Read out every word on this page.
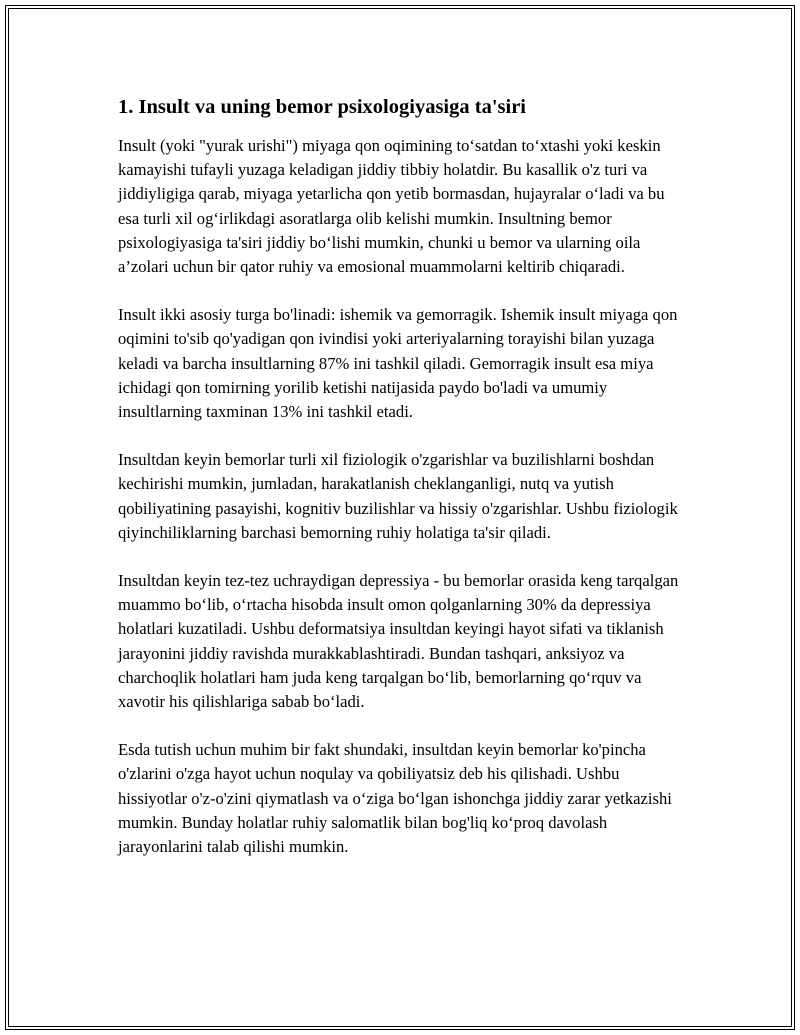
1. Insult va uning bemor psixologiyasiga ta'siri

Insult (yoki "yurak urishi") miyaga qon oqimining to‘satdan to‘xtashi yoki keskin kamayishi tufayli yuzaga keladigan jiddiy tibbiy holatdir. Bu kasallik o'z turi va jiddiyligiga qarab, miyaga yetarlicha qon yetib bormasdan, hujayralar o‘ladi va bu esa turli xil og‘irlikdagi asoratlarga olib kelishi mumkin. Insultning bemor psixologiyasiga ta'siri jiddiy bo‘lishi mumkin, chunki u bemor va ularning oila a’zolari uchun bir qator ruhiy va emosional muammolarni keltirib chiqaradi.

Insult ikki asosiy turga bo'linadi: ishemik va gemorragik. Ishemik insult miyaga qon oqimini to'sib qo'yadigan qon ivindisi yoki arteriyalarning torayishi bilan yuzaga keladi va barcha insultlarning 87% ini tashkil qiladi. Gemorragik insult esa miya ichidagi qon tomirning yorilib ketishi natijasida paydo bo'ladi va umumiy insultlarning taxminan 13% ini tashkil etadi.

Insultdan keyin bemorlar turli xil fiziologik o'zgarishlar va buzilishlarni boshdan kechirishi mumkin, jumladan, harakatlanish cheklanganligi, nutq va yutish qobiliyatining pasayishi, kognitiv buzilishlar va hissiy o'zgarishlar. Ushbu fiziologik qiyinchiliklarning barchasi bemorning ruhiy holatiga ta'sir qiladi.

Insultdan keyin tez-tez uchraydigan depressiya - bu bemorlar orasida keng tarqalgan muammo bo‘lib, o‘rtacha hisobda insult omon qolganlarning 30% da depressiya holatlari kuzatiladi. Ushbu deformatsiya insultdan keyingi hayot sifati va tiklanish jarayonini jiddiy ravishda murakkablashtiradi. Bundan tashqari, anksiyoz va charchoqlik holatlari ham juda keng tarqalgan bo‘lib, bemorlarning qo‘rquv va xavotir his qilishlariga sabab bo‘ladi.

Esda tutish uchun muhim bir fakt shundaki, insultdan keyin bemorlar ko'pincha o'zlarini o'zga hayot uchun noqulay va qobiliyatsiz deb his qilishadi. Ushbu hissiyotlar o'z-o'zini qiymatlash va o‘ziga bo‘lgan ishonchga jiddiy zarar yetkazishi mumkin. Bunday holatlar ruhiy salomatlik bilan bog'liq ko‘proq davolash jarayonlarini talab qilishi mumkin.
